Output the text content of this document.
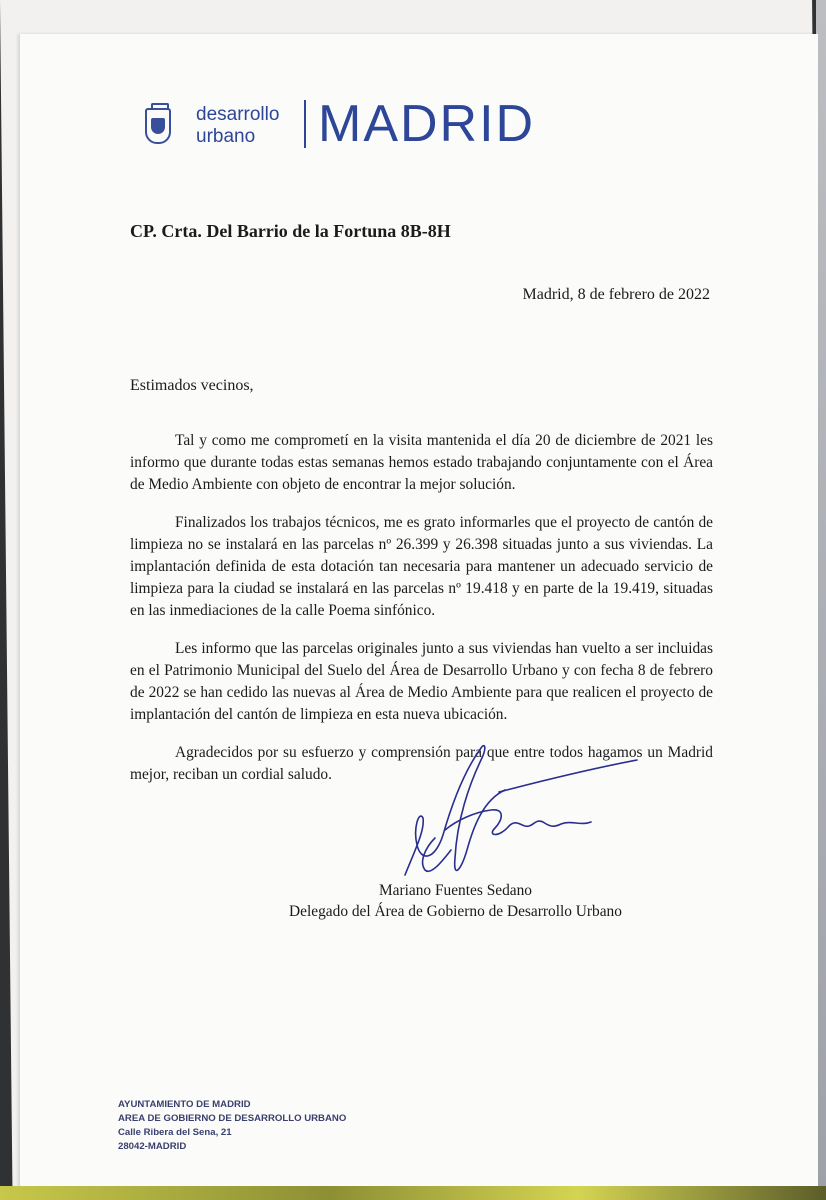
desarrollo
urbano	MADRID
CP. Crta. Del Barrio de la Fortuna 8B-8H
Madrid, 8 de febrero de 2022
Estimados vecinos,

Tal y como me comprometí en la visita mantenida el día 20 de diciembre de 2021 les informo que durante todas estas semanas hemos estado trabajando conjuntamente con el Área de Medio Ambiente con objeto de encontrar la mejor solución.

Finalizados los trabajos técnicos, me es grato informarles que el proyecto de cantón de limpieza no se instalará en las parcelas nº 26.399 y 26.398 situadas junto a sus viviendas. La implantación definida de esta dotación tan necesaria para mantener un adecuado servicio de limpieza para la ciudad se instalará en las parcelas nº 19.418 y en parte de la 19.419, situadas en las inmediaciones de la calle Poema sinfónico.

Les informo que las parcelas originales junto a sus viviendas han vuelto a ser incluidas en el Patrimonio Municipal del Suelo del Área de Desarrollo Urbano y con fecha 8 de febrero de 2022 se han cedido las nuevas al Área de Medio Ambiente para que realicen el proyecto de implantación del cantón de limpieza en esta nueva ubicación.

Agradecidos por su esfuerzo y comprensión para que entre todos hagamos un Madrid mejor, reciban un cordial saludo.

Mariano Fuentes Sedano
Delegado del Área de Gobierno de Desarrollo Urbano
AYUNTAMIENTO DE MADRID
AREA DE GOBIERNO DE DESARROLLO URBANO
Calle Ribera del Sena, 21
28042-MADRID
